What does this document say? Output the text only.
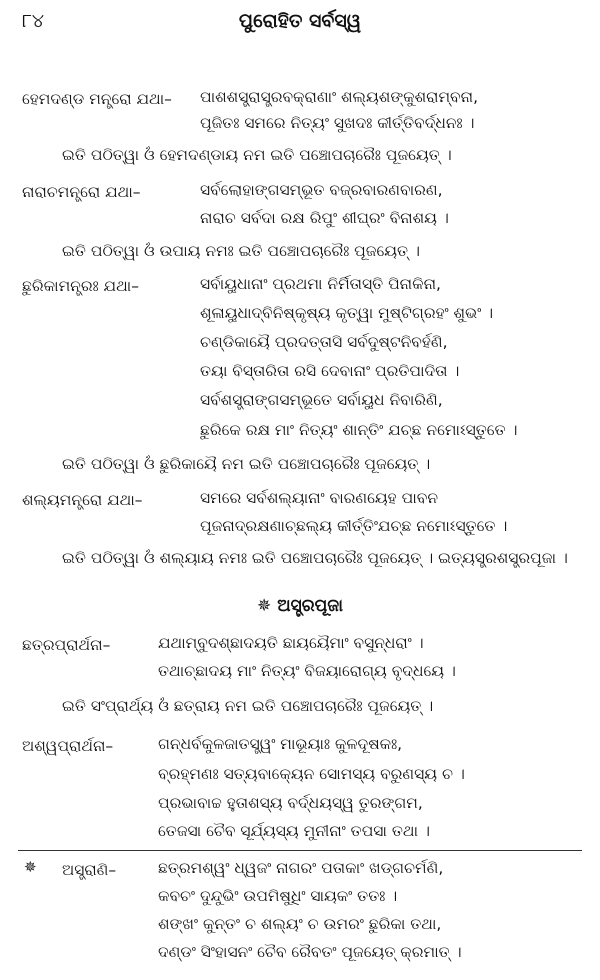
୮୪	ପୁରୋହିତ ସର୍ବସ୍ୱ
ହେମଦଣ୍ଡ ମନ୍ତ୍ରୋ ଯଥା– ପାଶଶସ୍ତ୍ରାସ୍ତ୍ରବକ୍ରାଣାଂ ଶଲ୍ୟଶଙ୍କୁଶରାମ୍ବନା,
ପୂଜିତଃ ସମରେ ନିତ୍ୟଂ ସୁଖଦଃ କୀର୍ତ୍ତିବର୍ଦ୍ଧନଃ ।
ଇତି ପଠିତ୍ୱା ଓଁ ହେମଦଣ୍ଡାୟ ନମ ଇତି ପଞ୍ଚୋପଚାରୈଃ ପୂଜୟେତ୍ ।
ନାରାଚମନ୍ତ୍ରୋ ଯଥା–	ସର୍ବଲୋହାଙ୍ଗସମ୍ଭୂତ ବଜ୍ରବାରଣବାରଣ,
ନାରାଚ ସର୍ବଦା ରକ୍ଷ ରିପୁଂ ଶୀଘ୍ରଂ ବିନାଶୟ ।
ଇତି ପଠିତ୍ୱା ଓଁ ଉପାୟ ନମଃ ଇତି ପଞ୍ଚୋପଚାରୈଃ ପୂଜୟେତ୍ ।
ଛୁରିକାମନ୍ତ୍ରଃ ଯଥା–	ସର୍ବାୟୁଧାନାଂ ପ୍ରଥମା ନିର୍ମିତାସ୍ତି ପିନାକିନା,
ଶୂଳାୟୁଧାଦ୍‌ବିନିଷ୍କୃଷ୍ୟ କୃତ୍ୱା ମୁଷ୍ଟିଗ୍ରହଂ ଶୁଭଂ ।
ଚଣ୍ଡିକାୟୈ ପ୍ରଦତ୍ତାସି ସର୍ବଦୁଷ୍ଟନିବର୍ହଣି,
ତୟା ବିସ୍ତାରିତା ରସି ଦେବାନାଂ ପ୍ରତିପାଦିତା ।
ସର୍ବଶସ୍ତ୍ରାଙ୍ଗସମ୍ଭୂତେ ସର୍ବାୟୁଧ ନିବାରିଣି,
ଛୁରିକେ ରକ୍ଷ ମାଂ ନିତ୍ୟଂ ଶାନ୍ତିଂ ଯଚ୍ଛ ନମୋଽସ୍ତୁତେ ।
ଇତି ପଠିତ୍ୱା ଓଁ ଛୁରିକାୟୈ ନମ ଇତି ପଞ୍ଚୋପଚାରୈଃ ପୂଜୟେତ୍ ।
ଶଲ୍ୟମନ୍ତ୍ରୋ ଯଥା–	ସମରେ ସର୍ବଶଲ୍ୟାନାଂ ବାରଣୟେହ ପାବନ
ପୂଜନାଦ୍ରକ୍ଷଣାଚ୍ଛଲ୍ୟ କୀର୍ତ୍ତିଂଯଚ୍ଛ ନମୋଽସ୍ତୁତେ ।
ଇତି ପଠିତ୍ୱା ଓଁ ଶଲ୍ୟାୟ ନମଃ ଇତି ପଞ୍ଚୋପଚାରୈଃ ପୂଜୟେତ୍ । ଇତ୍ୟସ୍ତ୍ରଶସ୍ତ୍ରପୂଜା ।
✵ ଅସ୍ତ୍ରପୂଜା
ଛତ୍ରପ୍ରାର୍ଥନା–	ଯଥାମ୍ବୁଦଶ୍ଛାଦୟତି ଛାୟୟୈମାଂ ବସୁନ୍ଧରାଂ ।
ତଥାଚ୍ଛାଦୟ ମାଂ ନିତ୍ୟଂ ବିଜୟାରୋଗ୍ୟ ବୃଦ୍ଧୟେ ।
ଇତି ସଂପ୍ରାର୍ଥ୍ୟ ଓଁ ଛତ୍ରାୟ ନମ ଇତି ପଞ୍ଚୋପଚାରୈଃ ପୂଜୟେତ୍ ।
ଅଶ୍ୱପ୍ରାର୍ଥନା–	ଗନ୍ଧର୍ବକୁଳଜାତସ୍ତ୍ୱଂ ମାଭୂୟାଃ କୁଳଦୂଷକଃ,
ବ୍ରହ୍ମଣଃ ସତ୍ୟବାକ୍ୟେନ ସୋମସ୍ୟ ବରୁଣସ୍ୟ ଚ ।
ପ୍ରଭାବାଚ୍ଚ ହୁତାଶସ୍ୟ ବର୍ଦ୍ଧୟସ୍ୱ ତୁରଙ୍ଗମ,
ତେଜସା ଚୈବ ସୂର୍ଯ୍ୟସ୍ୟ ମୁନୀନାଂ ତପସା ତଥା ।
✵ ଅସ୍ତ୍ରାଣି–	ଛତ୍ରମଶ୍ୱଂ ଧ୍ୱଜଂ ନାଗରଂ ପତାକାଂ ଖଡ୍‌ଗଚର୍ମଣି,
କବଚଂ ଦୁନ୍ଦୁଭିଂ ଉପମିଷୁଧିଂ ସାୟକଂ ତତଃ ।
ଶଙ୍ଖଂ କୁନ୍ତଂ ଚ ଶଲ୍ୟଂ ଚ ଉମରଂ ଛୁରିକା ତଥା,
ଦଣ୍ଡଂ ସିଂହାସନଂ ଚୈବ ରୈବତଂ ପୂଜୟେତ୍ କ୍ରମାତ୍ ।
